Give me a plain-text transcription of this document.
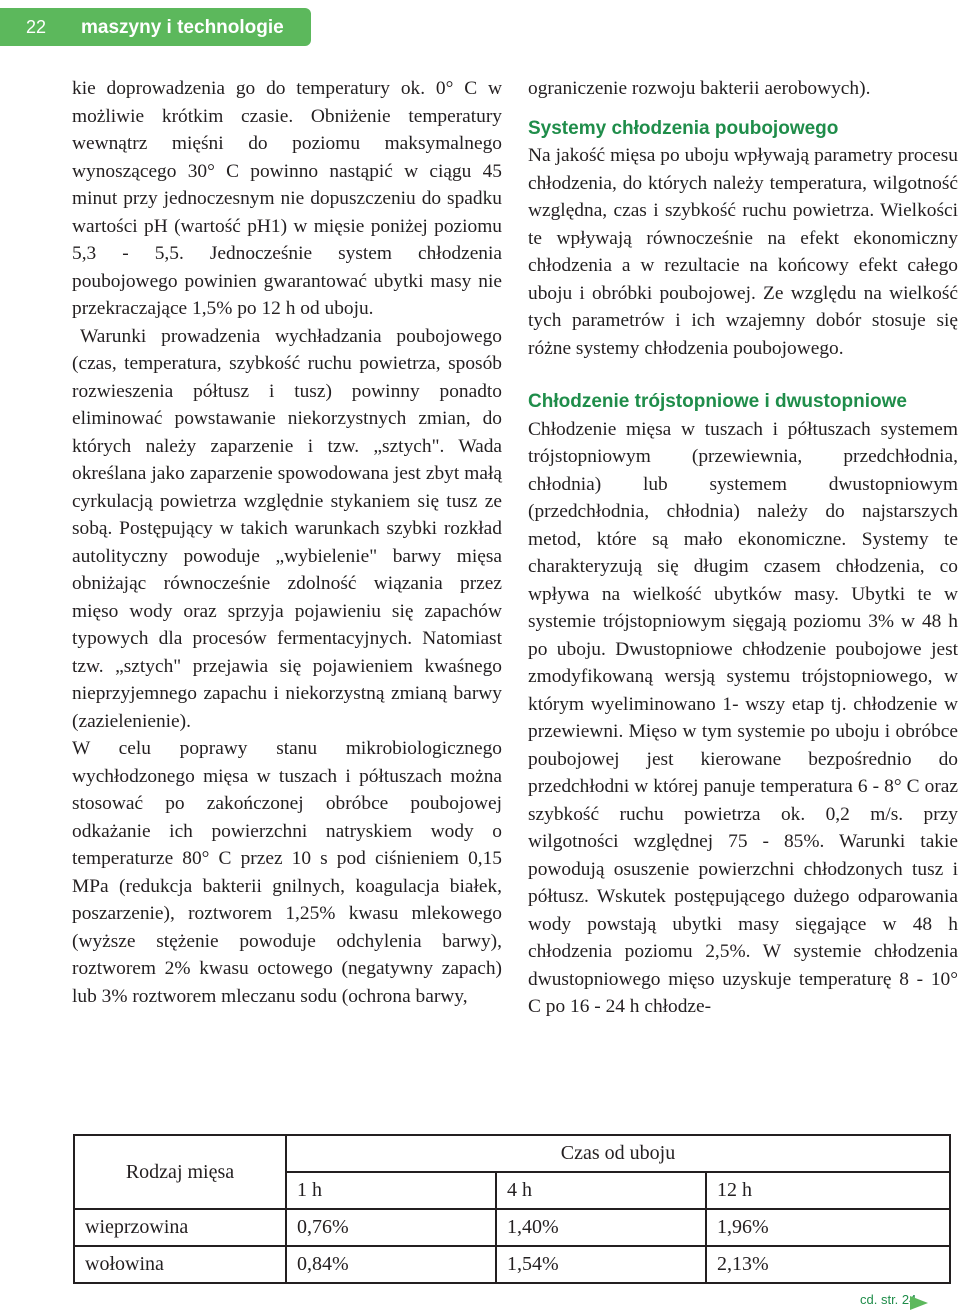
22 maszyny i technologie

kie doprowadzenia go do temperatury ok. 0° C w możliwie krótkim czasie. Obniżenie temperatury wewnątrz mięśni do poziomu maksymalnego wynoszącego 30° C powinno nastąpić w ciągu 45 minut przy jednoczesnym nie dopuszczeniu do spadku wartości pH (wartość pH1) w mięsie poniżej poziomu 5,3 - 5,5. Jednocześnie system chłodzenia poubojowego powinien gwarantować ubytki masy nie przekraczające 1,5% po 12 h od uboju.

Warunki prowadzenia wychładzania poubojowego (czas, temperatura, szybkość ruchu powietrza, sposób rozwieszenia półtusz i tusz) powinny ponadto eliminować powstawanie niekorzystnych zmian, do których należy zaparzenie i tzw. „sztych". Wada określana jako zaparzenie spowodowana jest zbyt małą cyrkulacją powietrza względnie stykaniem się tusz ze sobą. Postępujący w takich warunkach szybki rozkład autolityczny powoduje „wybielenie" barwy mięsa obniżając równocześnie zdolność wiązania przez mięso wody oraz sprzyja pojawieniu się zapachów typowych dla procesów fermentacyjnych. Natomiast tzw. „sztych" przejawia się pojawieniem kwaśnego nieprzyjemnego zapachu i niekorzystną zmianą barwy (zazielenienie).

W celu poprawy stanu mikrobiologicznego wychłodzonego mięsa w tuszach i półtuszach można stosować po zakończonej obróbce poubojowej odkażanie ich powierzchni natryskiem wody o temperaturze 80° C przez 10 s pod ciśnieniem 0,15 MPa (redukcja bakterii gnilnych, koagulacja białek, poszarzenie), roztworem 1,25% kwasu mlekowego (wyższe stężenie powoduje odchylenia barwy), roztworem 2% kwasu octowego (negatywny zapach) lub 3% roztworem mleczanu sodu (ochrona barwy,

ograniczenie rozwoju bakterii aerobowych).

Systemy chłodzenia poubojowego

Na jakość mięsa po uboju wpływają parametry procesu chłodzenia, do których należy temperatura, wilgotność względna, czas i szybkość ruchu powietrza. Wielkości te wpływają równocześnie na efekt ekonomiczny chłodzenia a w rezultacie na końcowy efekt całego uboju i obróbki poubojowej. Ze względu na wielkość tych parametrów i ich wzajemny dobór stosuje się różne systemy chłodzenia poubojowego.

Chłodzenie trójstopniowe i dwustopniowe

Chłodzenie mięsa w tuszach i półtuszach systemem trójstopniowym (przewiewnia, przedchłodnia, chłodnia) lub systemem dwustopniowym (przedchłodnia, chłodnia) należy do najstarszych metod, które są mało ekonomiczne. Systemy te charakteryzują się długim czasem chłodzenia, co wpływa na wielkość ubytków masy. Ubytki te w systemie trójstopniowym sięgają poziomu 3% w 48 h po uboju. Dwustopniowe chłodzenie poubojowe jest zmodyfikowaną wersją systemu trójstopniowego, w którym wyeliminowano 1- wszy etap tj. chłodzenie w przewiewni. Mięso w tym systemie po uboju i obróbce poubojowej jest kierowane bezpośrednio do przedchłodni w której panuje temperatura 6 - 8° C oraz szybkość ruchu powietrza ok. 0,2 m/s. przy wilgotności względnej 75 - 85%. Warunki takie powodują osuszenie powierzchni chłodzonych tusz i półtusz. Wskutek postępującego dużego odparowania wody powstają ubytki masy sięgające w 48 h chłodzenia poziomu 2,5%. W systemie chłodzenia dwustopniowego mięso uzyskuje temperaturę 8 - 10° C po 16 - 24 h chłodze-

Rodzaj mięsa	Czas od uboju		
	1 h	4 h	12 h
wieprzowina	0,76%	1,40%	1,96%
wołowina	0,84%	1,54%	2,13%
cd. str. 24
